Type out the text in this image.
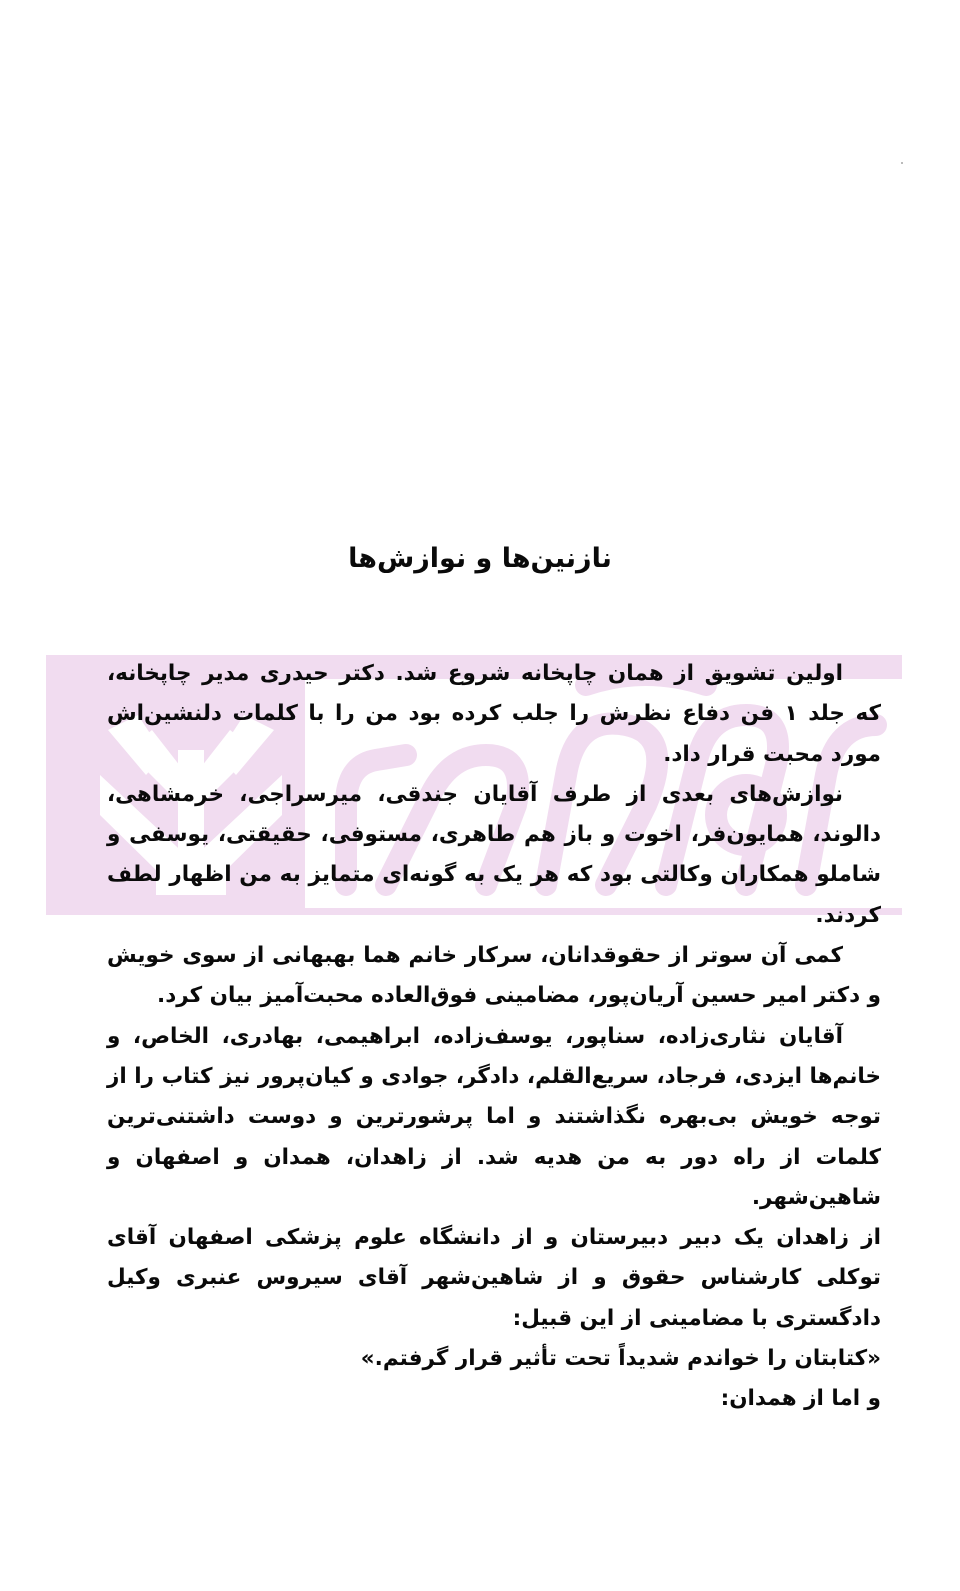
نازنین‌ها و نوازش‌ها

اولین تشویق از همان چاپخانه شروع شد. دکتر حیدری مدیر چاپخانه، که جلد ۱ فن دفاع نظرش را جلب کرده بود من را با کلمات دلنشین‌اش مورد محبت قرار داد.

نوازش‌های بعدی از طرف آقایان جندقی، میرسراجی، خرمشاهی، دالوند، همایون‌فر، اخوت و باز هم طاهری، مستوفی، حقیقتی، یوسفی و شاملو همکاران وکالتی بود که هر یک به گونه‌ای متمایز به من اظهار لطف کردند.

کمی آن سوتر از حقوقدانان، سرکار خانم هما بهبهانی از سوی خویش و دکتر امیر حسین آریان‌پور، مضامینی فوق‌العاده محبت‌آمیز بیان کرد.

آقایان نثاری‌زاده، سناپور، یوسف‌زاده، ابراهیمی، بهادری، الخاص، و خانم‌ها ایزدی، فرجاد، سریع‌القلم، دادگر، جوادی و کیان‌پرور نیز کتاب را از توجه خویش بی‌بهره نگذاشتند و اما پرشورترین و دوست داشتنی‌ترین کلمات از راه دور به من هدیه شد. از زاهدان، همدان و اصفهان و شاهین‌شهر.

از زاهدان یک دبیر دبیرستان و از دانشگاه علوم پزشکی اصفهان آقای توکلی کارشناس حقوق و از شاهین‌شهر آقای سیروس عنبری وکیل دادگستری با مضامینی از این قبیل:

«کتابتان را خواندم شدیداً تحت تأثیر قرار گرفتم.»

و اما از همدان:
